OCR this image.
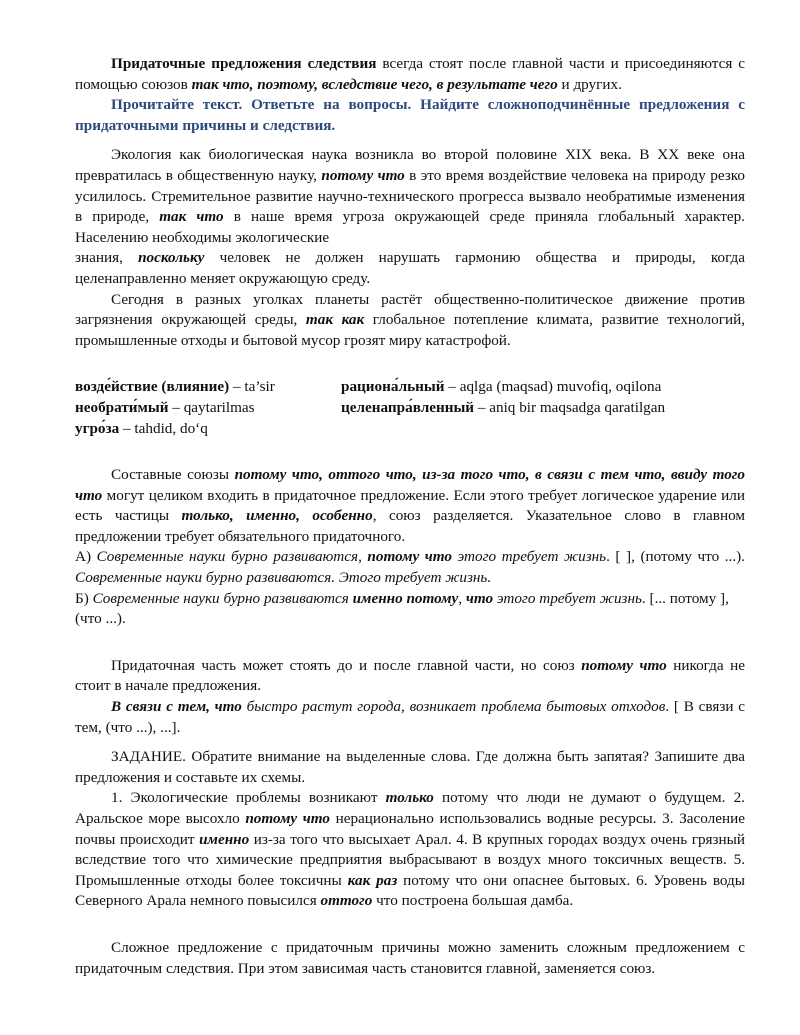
Придаточные предложения следствия всегда стоят после главной части и присоединяются с помощью союзов так что, поэтому, вследствие чего, в результате чего и других.

Прочитайте текст. Ответьте на вопросы. Найдите сложноподчинённые предложения с придаточными причины и следствия.

Экология как биологическая наука возникла во второй половине XIX века. В XX веке она превратилась в общественную науку, потому что в это время воздействие человека на природу резко усилилось. Стремительное развитие научно-технического прогресса вызвало необратимые изменения в природе, так что в наше время угроза окружающей среде приняла глобальный характер. Населению необходимы экологические

знания, поскольку человек не должен нарушать гармонию общества и природы, когда целенаправленно меняет окружающую среду.

Сегодня в разных уголках планеты растёт общественно-политическое движение против загрязнения окружающей среды, так как глобальное потепление климата, развитие технологий, промышленные отходы и бытовой мусор грозят миру катастрофой.

возде́йствие (влияние) – ta’sir
необрати́мый – qaytarilmas
угро́за – tahdid, do‘q
рациона́льный – aqlga (maqsad) muvofiq, oqilona
целенапра́вленный – aniq bir maqsadga qaratilgan

Составные союзы потому что, оттого что, из-за того что, в связи с тем что, ввиду того что могут целиком входить в придаточное предложение. Если этого требует логическое ударение или есть частицы только, именно, особенно, союз разделяется. Указательное слово в главном предложении требует обязательного придаточного.

А) Современные науки бурно развиваются, потому что этого требует жизнь. [ ], (потому что ...). Современные науки бурно развиваются. Этого требует жизнь.

Б) Современные науки бурно развиваются именно потому, что этого требует жизнь. [... потому ], (что ...).

Придаточная часть может стоять до и после главной части, но союз потому что никогда не стоит в начале предложения.

В связи с тем, что быстро растут города, возникает проблема бытовых отходов. [ В связи с тем, (что ...), ...].

ЗАДАНИЕ. Обратите внимание на выделенные слова. Где должна быть запятая? Запишите два предложения и составьте их схемы.

1. Экологические проблемы возникают только потому что люди не думают о будущем. 2. Аральское море высохло потому что нерационально использовались водные ресурсы. 3. Засоление почвы происходит именно из-за того что высыхает Арал. 4. В крупных городах воздух очень грязный вследствие того что химические предприятия выбрасывают в воздух много токсичных веществ. 5. Промышленные отходы более токсичны как раз потому что они опаснее бытовых. 6. Уровень воды Северного Арала немного повысился оттого что построена большая дамба.

Сложное предложение с придаточным причины можно заменить сложным предложением с придаточным следствия. При этом зависимая часть становится главной, заменяется союз.
